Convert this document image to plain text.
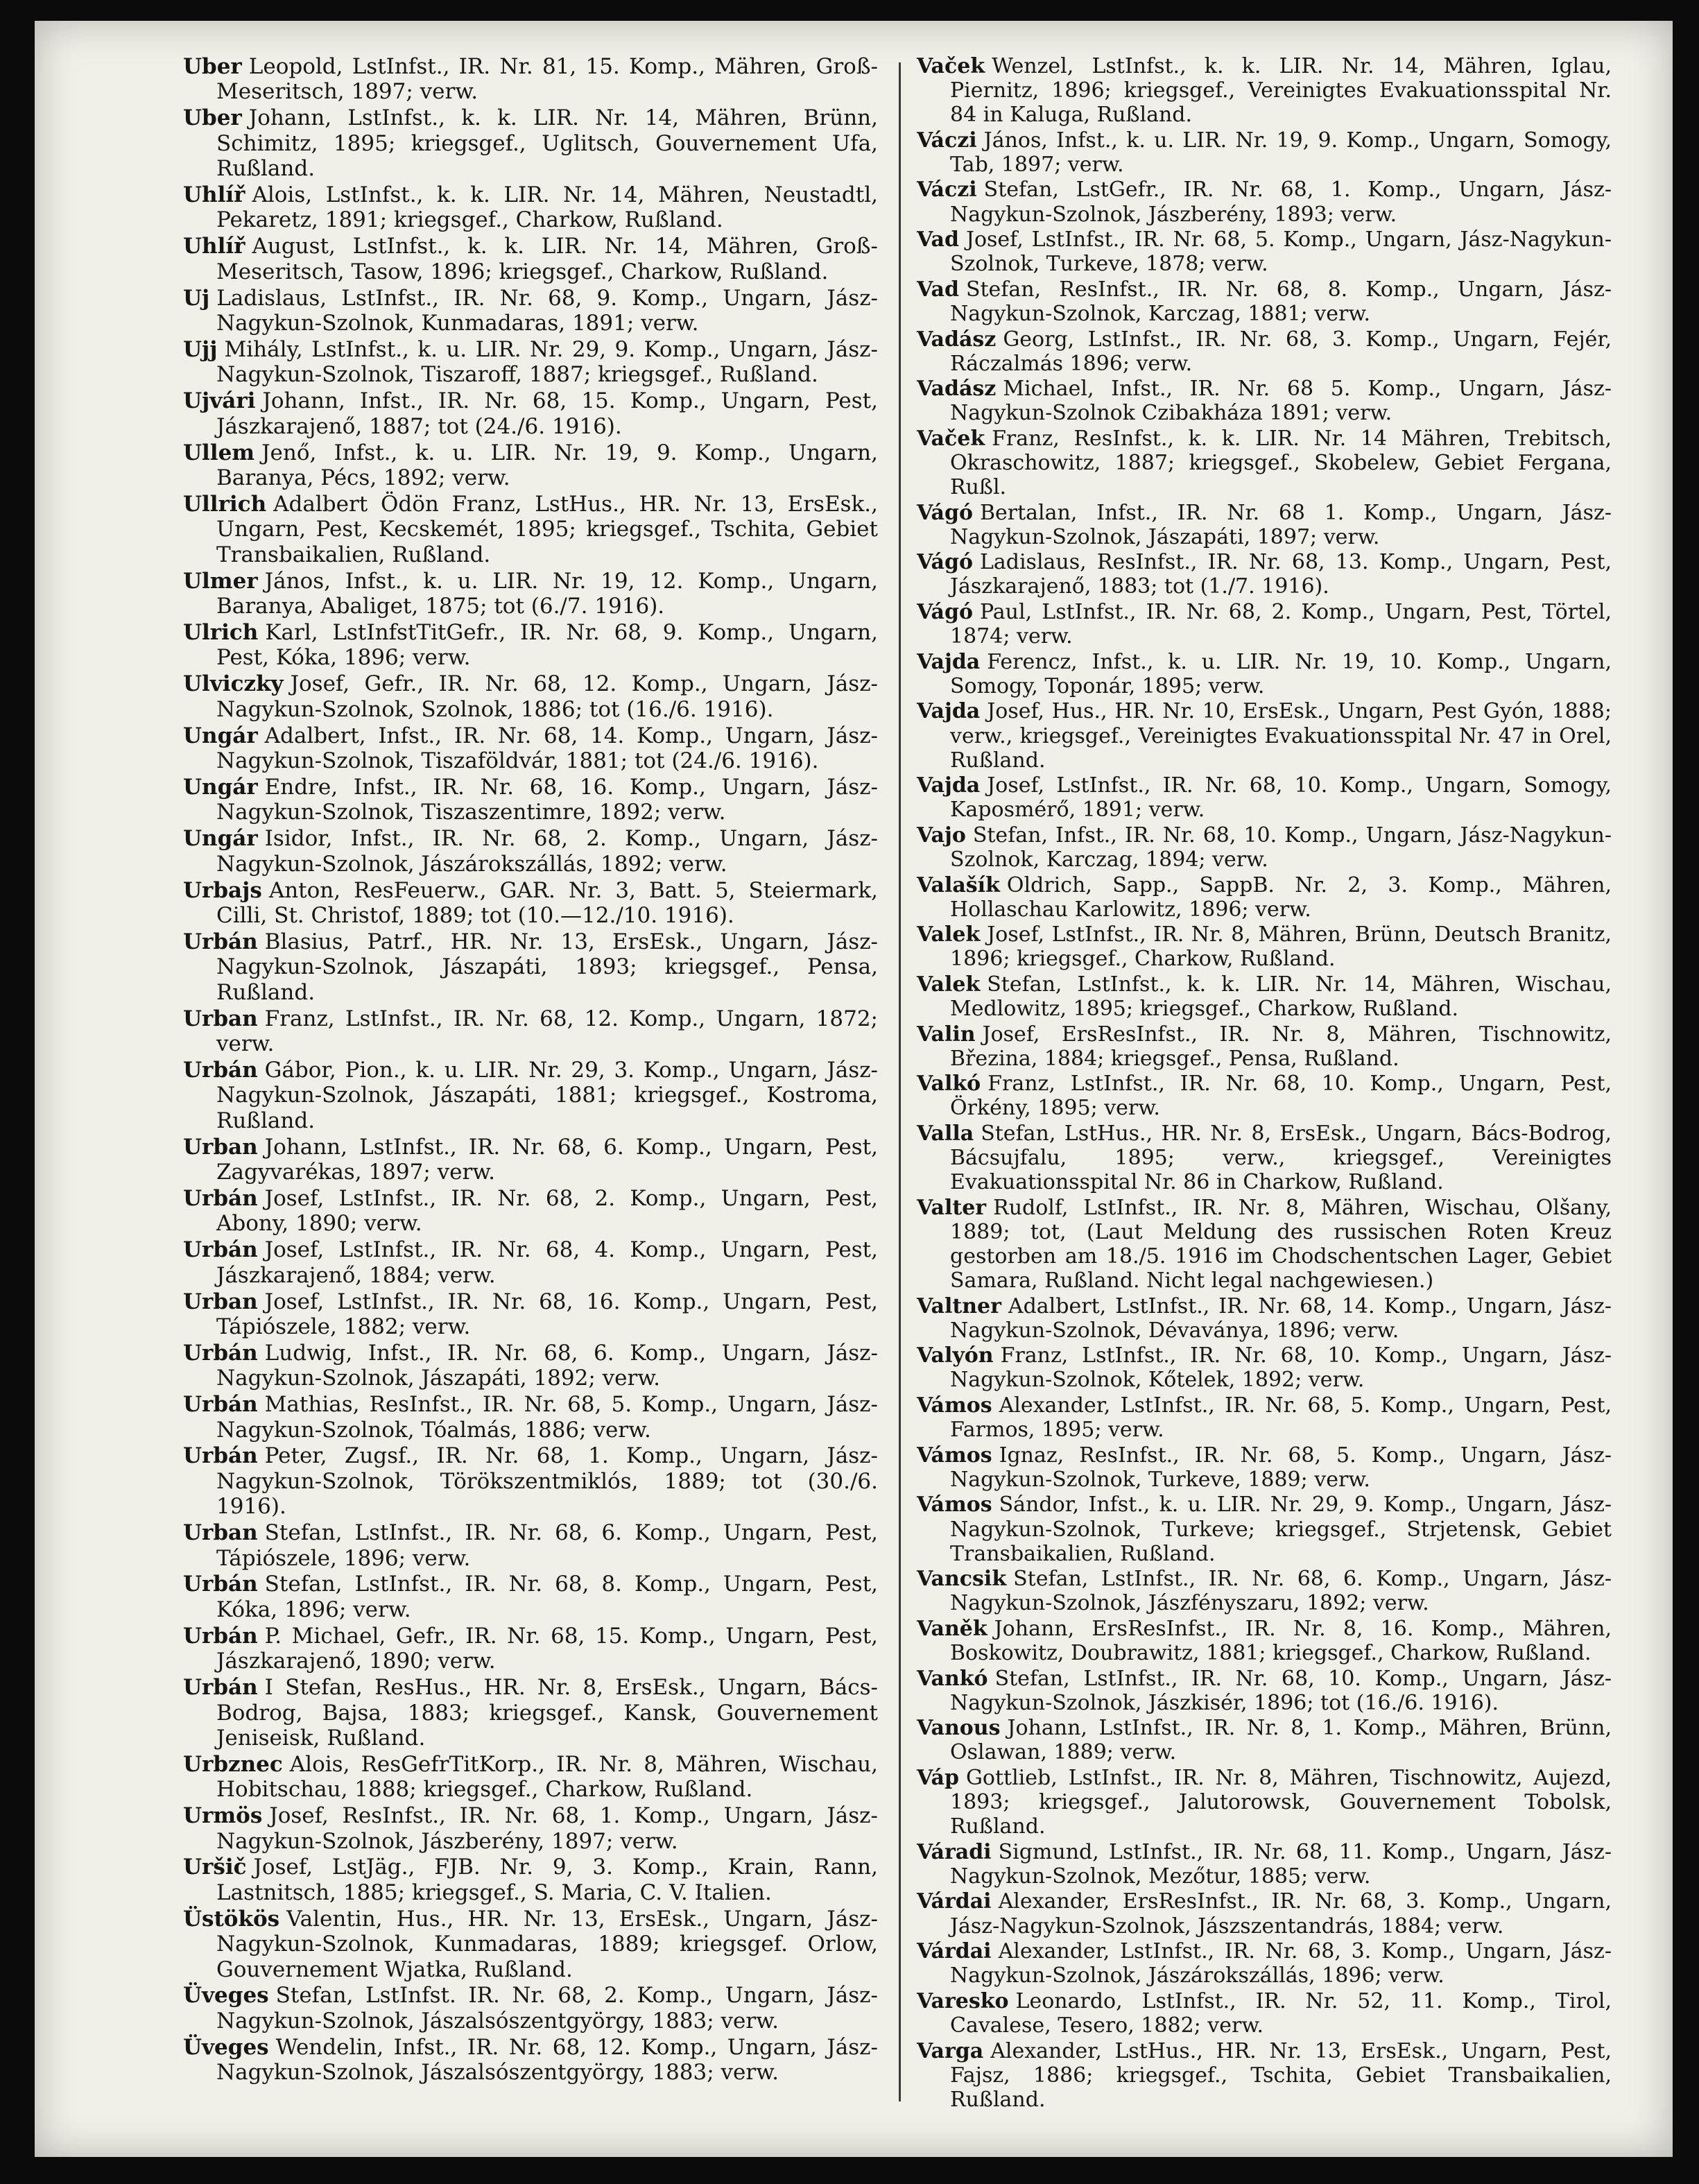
Uber Leopold, LstInfst., IR. Nr. 81, 15. Komp., Mähren, Groß-Meseritsch, 1897; verw.
Uber Johann, LstInfst., k. k. LIR. Nr. 14, Mähren, Brünn, Schimitz, 1895; kriegsgef., Uglitsch, Gouvernement Ufa, Rußland.
Uhlíř Alois, LstInfst., k. k. LIR. Nr. 14, Mähren, Neustadtl, Pekaretz, 1891; kriegsgef., Charkow, Rußland.
Uhlíř August, LstInfst., k. k. LIR. Nr. 14, Mähren, Groß-Meseritsch, Tasow, 1896; kriegsgef., Charkow, Rußland.
Uj Ladislaus, LstInfst., IR. Nr. 68, 9. Komp., Ungarn, Jász-Nagykun-Szolnok, Kunmadaras, 1891; verw.
Ujj Mihály, LstInfst., k. u. LIR. Nr. 29, 9. Komp., Ungarn, Jász-Nagykun-Szolnok, Tiszaroff, 1887; kriegsgef., Rußland.
Ujvári Johann, Infst., IR. Nr. 68, 15. Komp., Ungarn, Pest, Jászkarajenő, 1887; tot (24./6. 1916).
Ullem Jenő, Infst., k. u. LIR. Nr. 19, 9. Komp., Ungarn, Baranya, Pécs, 1892; verw.
Ullrich Adalbert Ödön Franz, LstHus., HR. Nr. 13, ErsEsk., Ungarn, Pest, Kecskemét, 1895; kriegsgef., Tschita, Gebiet Transbaikalien, Rußland.
Ulmer János, Infst., k. u. LIR. Nr. 19, 12. Komp., Ungarn, Baranya, Abaliget, 1875; tot (6./7. 1916).
Ulrich Karl, LstInfstTitGefr., IR. Nr. 68, 9. Komp., Ungarn, Pest, Kóka, 1896; verw.
Ulviczky Josef, Gefr., IR. Nr. 68, 12. Komp., Ungarn, Jász-Nagykun-Szolnok, Szolnok, 1886; tot (16./6. 1916).
Ungár Adalbert, Infst., IR. Nr. 68, 14. Komp., Ungarn, Jász-Nagykun-Szolnok, Tiszaföldvár, 1881; tot (24./6. 1916).
Ungár Endre, Infst., IR. Nr. 68, 16. Komp., Ungarn, Jász-Nagykun-Szolnok, Tiszaszentimre, 1892; verw.
Ungár Isidor, Infst., IR. Nr. 68, 2. Komp., Ungarn, Jász-Nagykun-Szolnok, Jászárokszállás, 1892; verw.
Urbajs Anton, ResFeuerw., GAR. Nr. 3, Batt. 5, Steiermark, Cilli, St. Christof, 1889; tot (10.—12./10. 1916).
Urbán Blasius, Patrf., HR. Nr. 13, ErsEsk., Ungarn, Jász-Nagykun-Szolnok, Jászapáti, 1893; kriegsgef., Pensa, Rußland.
Urban Franz, LstInfst., IR. Nr. 68, 12. Komp., Ungarn, 1872; verw.
Urbán Gábor, Pion., k. u. LIR. Nr. 29, 3. Komp., Ungarn, Jász-Nagykun-Szolnok, Jászapáti, 1881; kriegsgef., Kostroma, Rußland.
Urban Johann, LstInfst., IR. Nr. 68, 6. Komp., Ungarn, Pest, Zagyvarékas, 1897; verw.
Urbán Josef, LstInfst., IR. Nr. 68, 2. Komp., Ungarn, Pest, Abony, 1890; verw.
Urbán Josef, LstInfst., IR. Nr. 68, 4. Komp., Ungarn, Pest, Jászkarajenő, 1884; verw.
Urban Josef, LstInfst., IR. Nr. 68, 16. Komp., Ungarn, Pest, Tápiószele, 1882; verw.
Urbán Ludwig, Infst., IR. Nr. 68, 6. Komp., Ungarn, Jász-Nagykun-Szolnok, Jászapáti, 1892; verw.
Urbán Mathias, ResInfst., IR. Nr. 68, 5. Komp., Ungarn, Jász-Nagykun-Szolnok, Tóalmás, 1886; verw.
Urbán Peter, Zugsf., IR. Nr. 68, 1. Komp., Ungarn, Jász-Nagykun-Szolnok, Törökszentmiklós, 1889; tot (30./6. 1916).
Urban Stefan, LstInfst., IR. Nr. 68, 6. Komp., Ungarn, Pest, Tápiószele, 1896; verw.
Urbán Stefan, LstInfst., IR. Nr. 68, 8. Komp., Ungarn, Pest, Kóka, 1896; verw.
Urbán P. Michael, Gefr., IR. Nr. 68, 15. Komp., Ungarn, Pest, Jászkarajenő, 1890; verw.
Urbán I Stefan, ResHus., HR. Nr. 8, ErsEsk., Ungarn, Bács-Bodrog, Bajsa, 1883; kriegsgef., Kansk, Gouvernement Jeniseisk, Rußland.
Urbznec Alois, ResGefrTitKorp., IR. Nr. 8, Mähren, Wischau, Hobitschau, 1888; kriegsgef., Charkow, Rußland.
Urmös Josef, ResInfst., IR. Nr. 68, 1. Komp., Ungarn, Jász-Nagykun-Szolnok, Jászberény, 1897; verw.
Uršič Josef, LstJäg., FJB. Nr. 9, 3. Komp., Krain, Rann, Lastnitsch, 1885; kriegsgef., S. Maria, C. V. Italien.
Üstökös Valentin, Hus., HR. Nr. 13, ErsEsk., Ungarn, Jász-Nagykun-Szolnok, Kunmadaras, 1889; kriegsgef. Orlow, Gouvernement Wjatka, Rußland.
Üveges Stefan, LstInfst. IR. Nr. 68, 2. Komp., Ungarn, Jász-Nagykun-Szolnok, Jászalsószentgyörgy, 1883; verw.
Üveges Wendelin, Infst., IR. Nr. 68, 12. Komp., Ungarn, Jász-Nagykun-Szolnok, Jászalsószentgyörgy, 1883; verw.
Vaček Wenzel, LstInfst., k. k. LIR. Nr. 14, Mähren, Iglau, Piernitz, 1896; kriegsgef., Vereinigtes Evakuationsspital Nr. 84 in Kaluga, Rußland.
Váczi János, Infst., k. u. LIR. Nr. 19, 9. Komp., Ungarn, Somogy, Tab, 1897; verw.
Váczi Stefan, LstGefr., IR. Nr. 68, 1. Komp., Ungarn, Jász-Nagykun-Szolnok, Jászberény, 1893; verw.
Vad Josef, LstInfst., IR. Nr. 68, 5. Komp., Ungarn, Jász-Nagykun-Szolnok, Turkeve, 1878; verw.
Vad Stefan, ResInfst., IR. Nr. 68, 8. Komp., Ungarn, Jász-Nagykun-Szolnok, Karczag, 1881; verw.
Vadász Georg, LstInfst., IR. Nr. 68, 3. Komp., Ungarn, Fejér, Ráczalmás 1896; verw.
Vadász Michael, Infst., IR. Nr. 68 5. Komp., Ungarn, Jász-Nagykun-Szolnok Czibakháza 1891; verw.
Vaček Franz, ResInfst., k. k. LIR. Nr. 14 Mähren, Trebitsch, Okraschowitz, 1887; kriegsgef., Skobelew, Gebiet Fergana, Rußl.
Vágó Bertalan, Infst., IR. Nr. 68 1. Komp., Ungarn, Jász-Nagykun-Szolnok, Jászapáti, 1897; verw.
Vágó Ladislaus, ResInfst., IR. Nr. 68, 13. Komp., Ungarn, Pest, Jászkarajenő, 1883; tot (1./7. 1916).
Vágó Paul, LstInfst., IR. Nr. 68, 2. Komp., Ungarn, Pest, Törtel, 1874; verw.
Vajda Ferencz, Infst., k. u. LIR. Nr. 19, 10. Komp., Ungarn, Somogy, Toponár, 1895; verw.
Vajda Josef, Hus., HR. Nr. 10, ErsEsk., Ungarn, Pest Gyón, 1888; verw., kriegsgef., Vereinigtes Evakuationsspital Nr. 47 in Orel, Rußland.
Vajda Josef, LstInfst., IR. Nr. 68, 10. Komp., Ungarn, Somogy, Kaposmérő, 1891; verw.
Vajo Stefan, Infst., IR. Nr. 68, 10. Komp., Ungarn, Jász-Nagykun-Szolnok, Karczag, 1894; verw.
Valašík Oldrich, Sapp., SappB. Nr. 2, 3. Komp., Mähren, Hollaschau Karlowitz, 1896; verw.
Valek Josef, LstInfst., IR. Nr. 8, Mähren, Brünn, Deutsch Branitz, 1896; kriegsgef., Charkow, Rußland.
Valek Stefan, LstInfst., k. k. LIR. Nr. 14, Mähren, Wischau, Medlowitz, 1895; kriegsgef., Charkow, Rußland.
Valin Josef, ErsResInfst., IR. Nr. 8, Mähren, Tischnowitz, Březina, 1884; kriegsgef., Pensa, Rußland.
Valkó Franz, LstInfst., IR. Nr. 68, 10. Komp., Ungarn, Pest, Örkény, 1895; verw.
Valla Stefan, LstHus., HR. Nr. 8, ErsEsk., Ungarn, Bács-Bodrog, Bácsujfalu, 1895; verw., kriegsgef., Vereinigtes Evakuationsspital Nr. 86 in Charkow, Rußland.
Valter Rudolf, LstInfst., IR. Nr. 8, Mähren, Wischau, Olšany, 1889; tot, (Laut Meldung des russischen Roten Kreuz gestorben am 18./5. 1916 im Chodschentschen Lager, Gebiet Samara, Rußland. Nicht legal nachgewiesen.)
Valtner Adalbert, LstInfst., IR. Nr. 68, 14. Komp., Ungarn, Jász-Nagykun-Szolnok, Dévaványa, 1896; verw.
Valyón Franz, LstInfst., IR. Nr. 68, 10. Komp., Ungarn, Jász-Nagykun-Szolnok, Kőtelek, 1892; verw.
Vámos Alexander, LstInfst., IR. Nr. 68, 5. Komp., Ungarn, Pest, Farmos, 1895; verw.
Vámos Ignaz, ResInfst., IR. Nr. 68, 5. Komp., Ungarn, Jász-Nagykun-Szolnok, Turkeve, 1889; verw.
Vámos Sándor, Infst., k. u. LIR. Nr. 29, 9. Komp., Ungarn, Jász-Nagykun-Szolnok, Turkeve; kriegsgef., Strjetensk, Gebiet Transbaikalien, Rußland.
Vancsik Stefan, LstInfst., IR. Nr. 68, 6. Komp., Ungarn, Jász-Nagykun-Szolnok, Jászfényszaru, 1892; verw.
Vaněk Johann, ErsResInfst., IR. Nr. 8, 16. Komp., Mähren, Boskowitz, Doubrawitz, 1881; kriegsgef., Charkow, Rußland.
Vankó Stefan, LstInfst., IR. Nr. 68, 10. Komp., Ungarn, Jász-Nagykun-Szolnok, Jászkisér, 1896; tot (16./6. 1916).
Vanous Johann, LstInfst., IR. Nr. 8, 1. Komp., Mähren, Brünn, Oslawan, 1889; verw.
Váp Gottlieb, LstInfst., IR. Nr. 8, Mähren, Tischnowitz, Aujezd, 1893; kriegsgef., Jalutorowsk, Gouvernement Tobolsk, Rußland.
Váradi Sigmund, LstInfst., IR. Nr. 68, 11. Komp., Ungarn, Jász-Nagykun-Szolnok, Mezőtur, 1885; verw.
Várdai Alexander, ErsResInfst., IR. Nr. 68, 3. Komp., Ungarn, Jász-Nagykun-Szolnok, Jászszentandrás, 1884; verw.
Várdai Alexander, LstInfst., IR. Nr. 68, 3. Komp., Ungarn, Jász-Nagykun-Szolnok, Jászárokszállás, 1896; verw.
Varesko Leonardo, LstInfst., IR. Nr. 52, 11. Komp., Tirol, Cavalese, Tesero, 1882; verw.
Varga Alexander, LstHus., HR. Nr. 13, ErsEsk., Ungarn, Pest, Fajsz, 1886; kriegsgef., Tschita, Gebiet Transbaikalien, Rußland.
